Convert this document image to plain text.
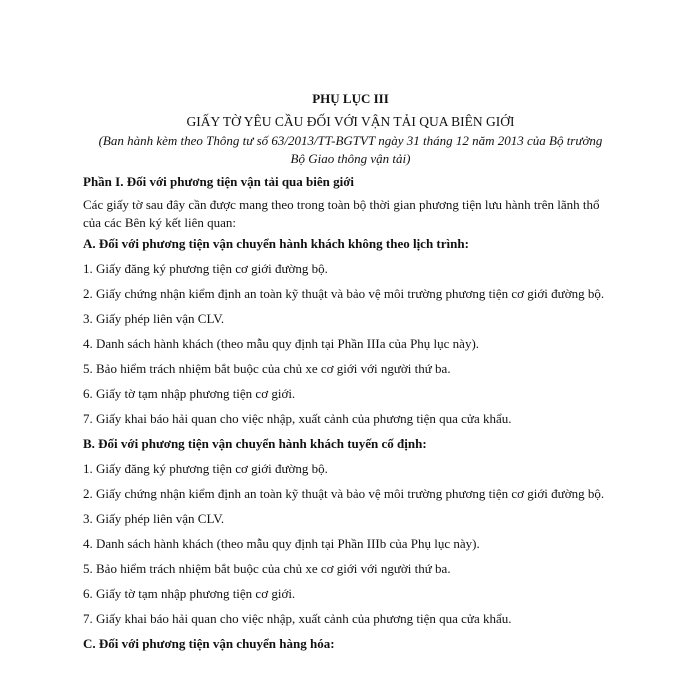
PHỤ LỤC III
GIẤY TỜ YÊU CẦU ĐỐI VỚI VẬN TẢI QUA BIÊN GIỚI
(Ban hành kèm theo Thông tư số 63/2013/TT-BGTVT ngày 31 tháng 12 năm 2013 của Bộ trưởng
Bộ Giao thông vận tải)
Phần I. Đối với phương tiện vận tải qua biên giới
Các giấy tờ sau đây cần được mang theo trong toàn bộ thời gian phương tiện lưu hành trên lãnh thổ của các Bên ký kết liên quan:
A. Đối với phương tiện vận chuyển hành khách không theo lịch trình:
1. Giấy đăng ký phương tiện cơ giới đường bộ.
2. Giấy chứng nhận kiểm định an toàn kỹ thuật và bảo vệ môi trường phương tiện cơ giới đường bộ.
3. Giấy phép liên vận CLV.
4. Danh sách hành khách (theo mẫu quy định tại Phần IIIa của Phụ lục này).
5. Bảo hiểm trách nhiệm bắt buộc của chủ xe cơ giới với người thứ ba.
6. Giấy tờ tạm nhập phương tiện cơ giới.
7. Giấy khai báo hải quan cho việc nhập, xuất cảnh của phương tiện qua cửa khẩu.
B. Đối với phương tiện vận chuyển hành khách tuyến cố định:
1. Giấy đăng ký phương tiện cơ giới đường bộ.
2. Giấy chứng nhận kiểm định an toàn kỹ thuật và bảo vệ môi trường phương tiện cơ giới đường bộ.
3. Giấy phép liên vận CLV.
4. Danh sách hành khách (theo mẫu quy định tại Phần IIIb của Phụ lục này).
5. Bảo hiểm trách nhiệm bắt buộc của chủ xe cơ giới với người thứ ba.
6. Giấy tờ tạm nhập phương tiện cơ giới.
7. Giấy khai báo hải quan cho việc nhập, xuất cảnh của phương tiện qua cửa khẩu.
C. Đối với phương tiện vận chuyển hàng hóa:
